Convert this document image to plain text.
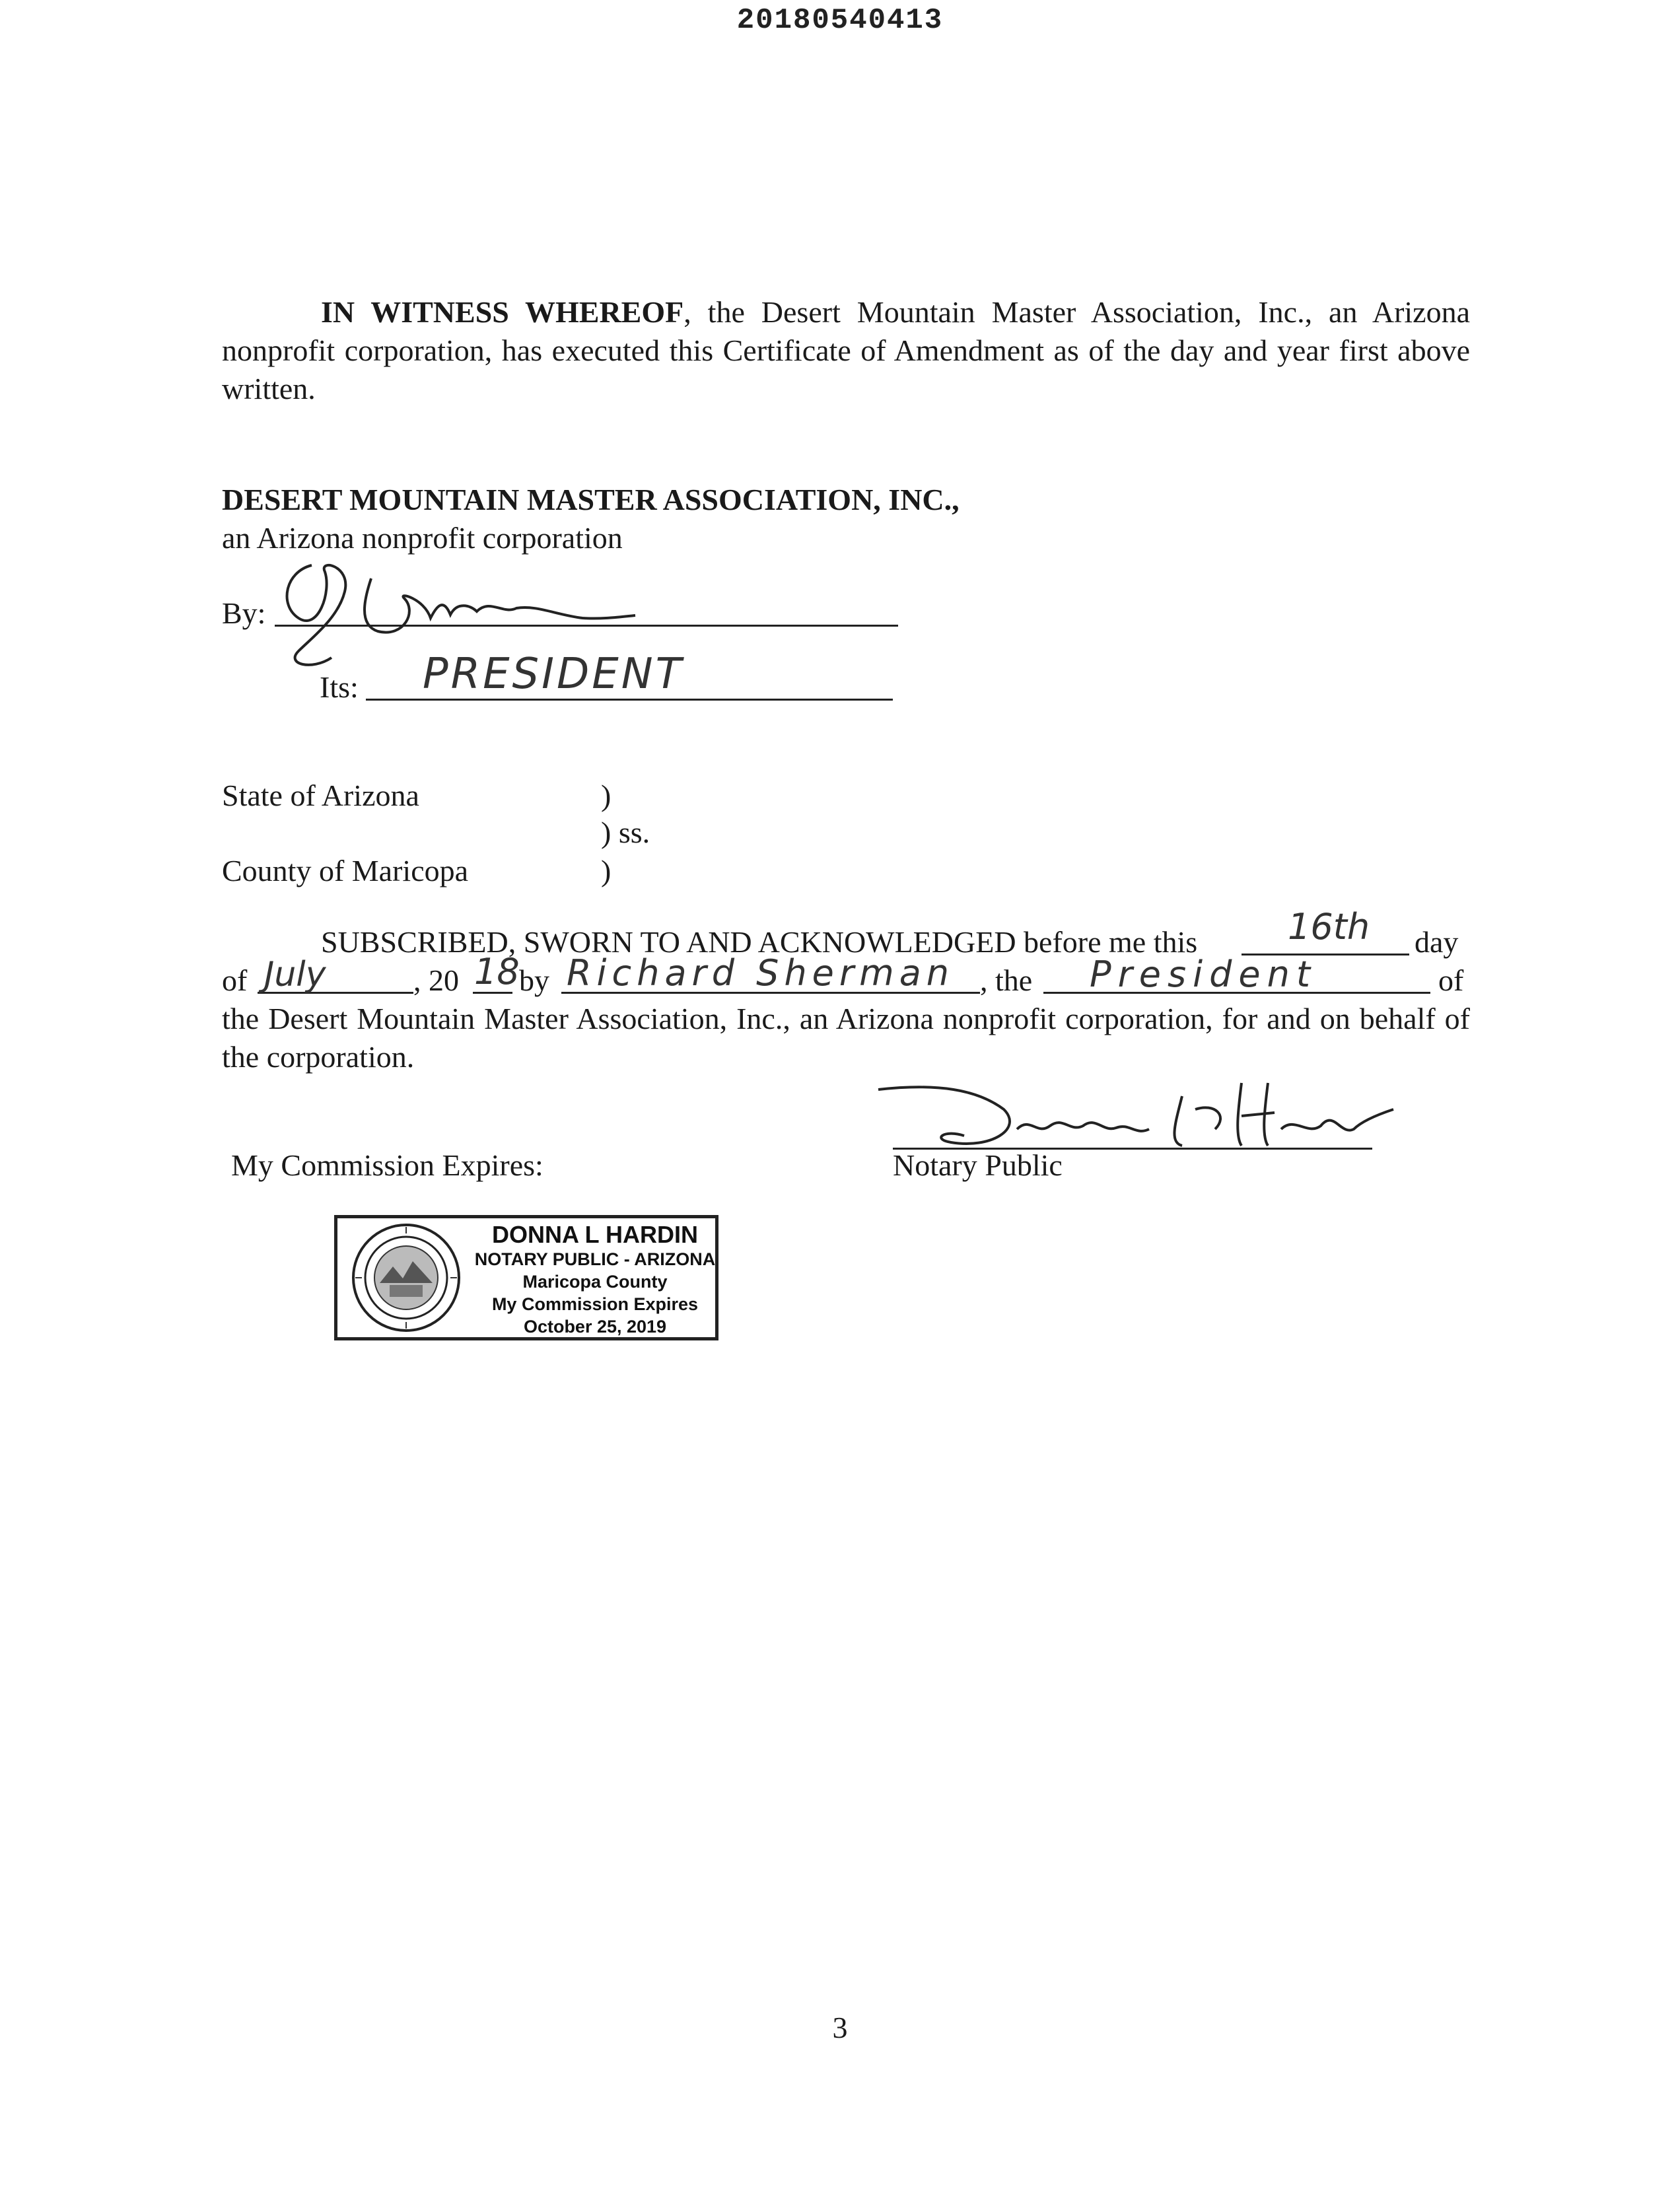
20180540413
IN WITNESS WHEREOF, the Desert Mountain Master Association, Inc., an Arizona nonprofit corporation, has executed this Certificate of Amendment as of the day and year first above written.
DESERT MOUNTAIN MASTER ASSOCIATION, INC.,
an Arizona nonprofit corporation
By:
Its: PRESIDENT
State of Arizona	)
) ss.
County of Maricopa	)
SUBSCRIBED, SWORN TO AND ACKNOWLEDGED before me this	16th day
of July	, 20 18 by Richard Sherman , the President	of
the Desert Mountain Master Association, Inc., an Arizona nonprofit corporation, for and on behalf of the corporation.
My Commission Expires:	Notary Public
DONNA L HARDIN
NOTARY PUBLIC - ARIZONA
Maricopa County
My Commission Expires
October 25, 2019
3
